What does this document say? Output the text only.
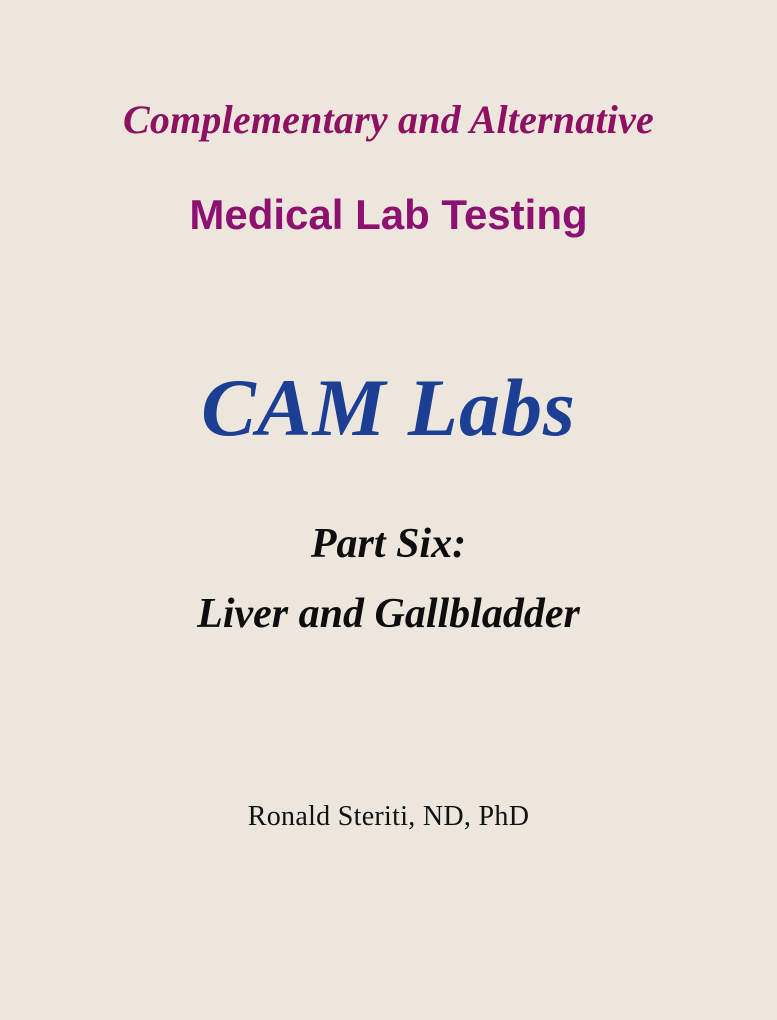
Complementary and Alternative
Medical Lab Testing
CAM Labs
Part Six:
Liver and Gallbladder
Ronald Steriti, ND, PhD
